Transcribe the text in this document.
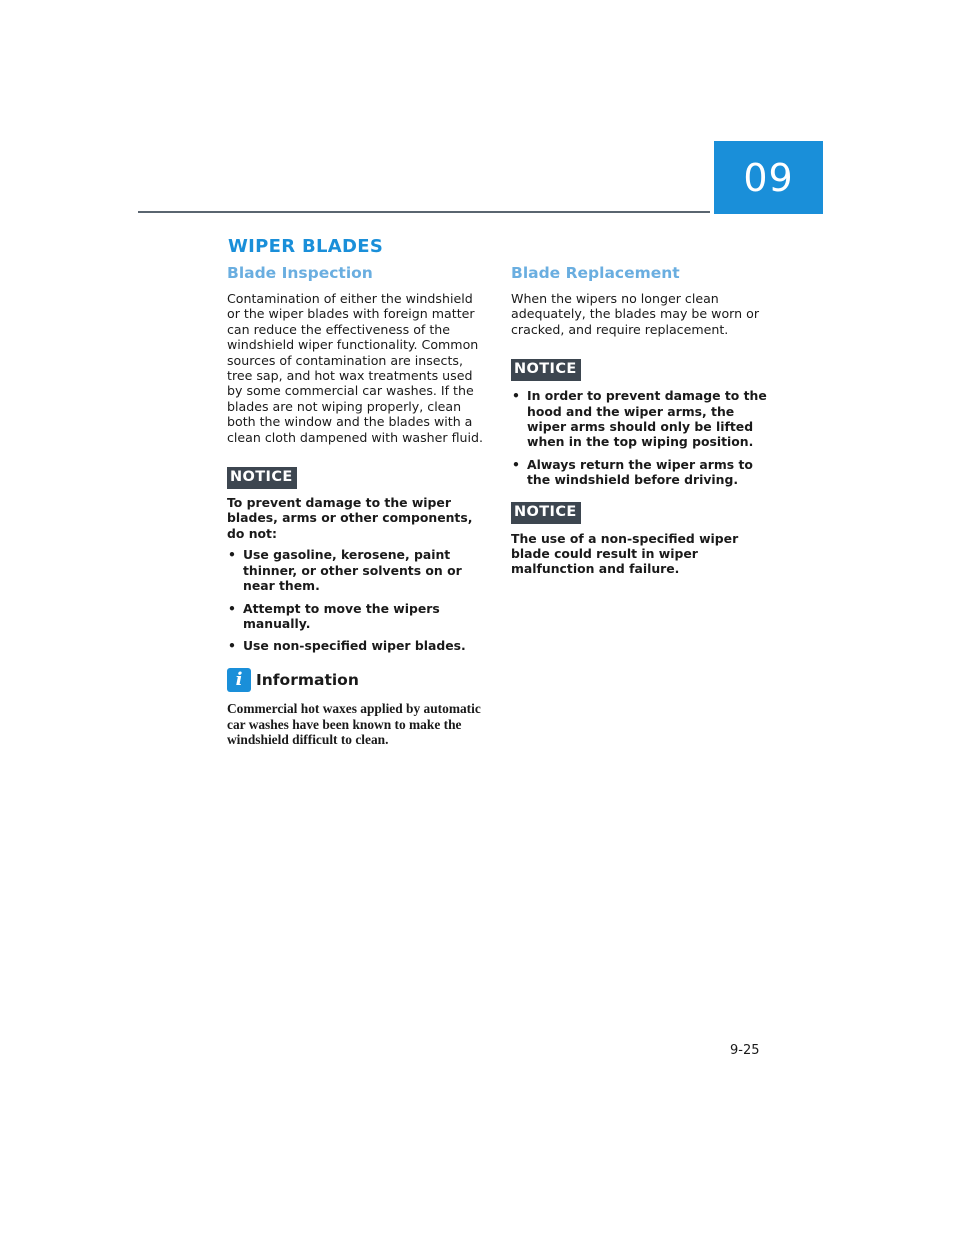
09
WIPER BLADES
Blade Inspection

Contamination of either the windshield or the wiper blades with foreign matter can reduce the effectiveness of the windshield wiper functionality. Common sources of contamination are insects, tree sap, and hot wax treatments used by some commercial car washes. If the blades are not wiping properly, clean both the window and the blades with a clean cloth dampened with washer fluid.

NOTICE

To prevent damage to the wiper blades, arms or other components, do not:

• Use gasoline, kerosene, paint thinner, or other solvents on or near them.
• Attempt to move the wipers manually.
• Use non-specified wiper blades.
i Information

Commercial hot waxes applied by automatic car washes have been known to make the windshield difficult to clean.

Blade Replacement

When the wipers no longer clean adequately, the blades may be worn or cracked, and require replacement.

NOTICE
• In order to prevent damage to the hood and the wiper arms, the wiper arms should only be lifted when in the top wiping position.
• Always return the wiper arms to the windshield before driving.
NOTICE

The use of a non-specified wiper blade could result in wiper malfunction and failure.

9-25
